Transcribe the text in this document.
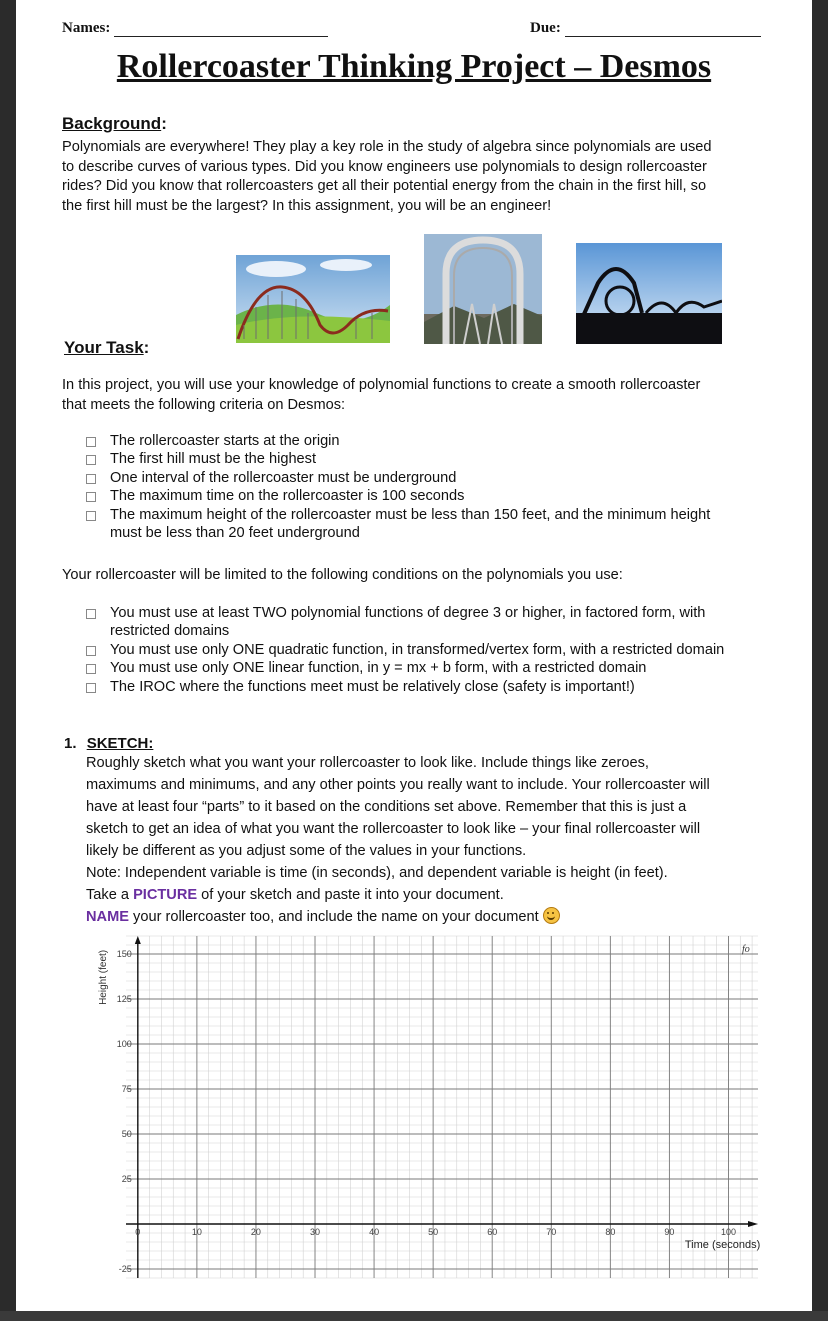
Names:	Due:
Rollercoaster Thinking Project – Desmos
Background:
Polynomials are everywhere! They play a key role in the study of algebra since polynomials are used
to describe curves of various types. Did you know engineers use polynomials to design rollercoaster
rides? Did you know that rollercoasters get all their potential energy from the chain in the first hill, so
the first hill must be the largest? In this assignment, you will be an engineer!
Your Task:
In this project, you will use your knowledge of polynomial functions to create a smooth rollercoaster
that meets the following criteria on Desmos:
The rollercoaster starts at the origin
The first hill must be the highest
One interval of the rollercoaster must be underground
The maximum time on the rollercoaster is 100 seconds
The maximum height of the rollercoaster must be less than 150 feet, and the minimum height
must be less than 20 feet underground
Your rollercoaster will be limited to the following conditions on the polynomials you use:
You must use at least TWO polynomial functions of degree 3 or higher, in factored form, with
restricted domains
You must use only ONE quadratic function, in transformed/vertex form, with a restricted domain
You must use only ONE linear function, in y = mx + b form, with a restricted domain
The IROC where the functions meet must be relatively close (safety is important!)
1. SKETCH:
Roughly sketch what you want your rollercoaster to look like. Include things like zeroes,
maximums and minimums, and any other points you really want to include. Your rollercoaster will
have at least four “parts” to it based on the conditions set above. Remember that this is just a
sketch to get an idea of what you want the rollercoaster to look like – your final rollercoaster will
likely be different as you adjust some of the values in your functions.
Note: Independent variable is time (in seconds), and dependent variable is height (in feet).
Take a PICTURE of your sketch and paste it into your document.
NAME your rollercoaster too, and include the name on your document
0	10	20	30	40	50	60	70	80	90	100
-25
25
50
75
100
125
150
Height (feet)
Time (seconds)
fo
